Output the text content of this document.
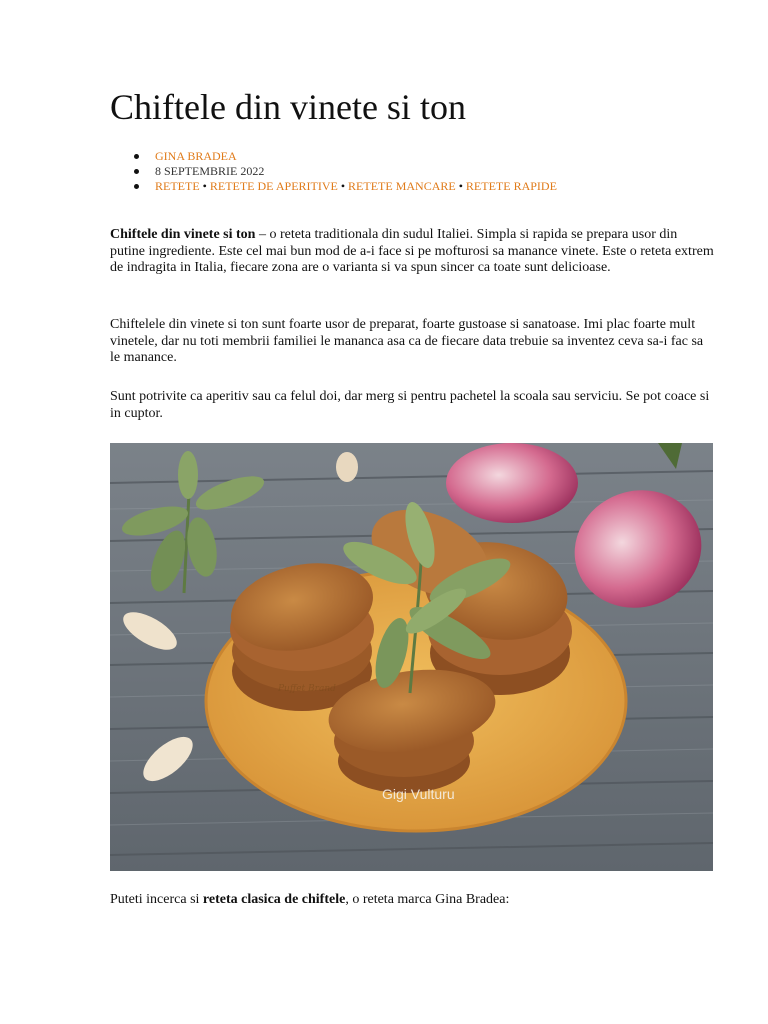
Chiftele din vinete si ton
GINA BRADEA
8 SEPTEMBRIE 2022
RETETE • RETETE DE APERITIVE • RETETE MANCARE • RETETE RAPIDE

Chiftele din vinete si ton – o reteta traditionala din sudul Italiei. Simpla si rapida se prepara usor din putine ingrediente. Este cel mai bun mod de a-i face si pe mofturosi sa manance vinete. Este o reteta extrem de indragita in Italia, fiecare zona are o varianta si va spun sincer ca toate sunt delicioase.

Chiftelele din vinete si ton sunt foarte usor de preparat, foarte gustoase si sanatoase. Imi plac foarte mult vinetele, dar nu toti membrii familiei le mananca asa ca de fiecare data trebuie sa inventez ceva sa-i fac sa le manance.

Sunt potrivite ca aperitiv sau ca felul doi, dar merg si pentru pachetel la scoala sau serviciu. Se pot coace si in cuptor.

Gigi Vulturu
Puffet Brand

Puteti incerca si reteta clasica de chiftele, o reteta marca Gina Bradea:
